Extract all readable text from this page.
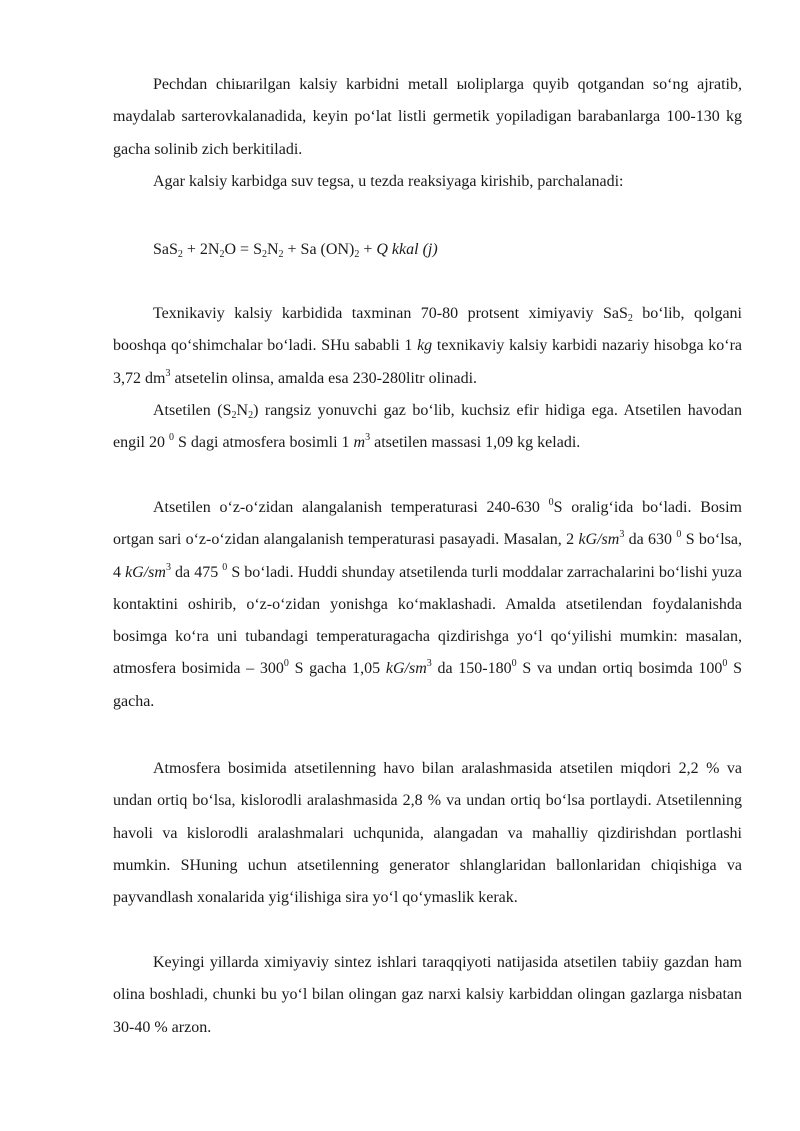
Pechdan chiыarilgan kalsiy karbidni metall ыoliplarga quyib qotgandan so‘ng ajratib, maydalab sarterovkalanadida, keyin po‘lat listli germetik yopiladigan barabanlarga 100-130 kg gacha solinib zich berkitiladi.

Agar kalsiy karbidga suv tegsa, u tezda reaksiyaga kirishib, parchalanadi:

$SaS_2 + 2N_2O = S_2N_2 + Sa$ $(ON)_2 + Q$ kkal (j)

Texnikaviy kalsiy karbidida taxminan 70-80 protsent ximiyaviy SaS$_2$ bo‘lib, qolgani booshqa qo‘shimchalar bo‘ladi. SHu sababli 1 kg texnikaviy kalsiy karbidi nazariy hisobga ko‘ra 3,72 $dm^3$ atsetelin olinsa, amalda esa 230-280litr olinadi.

Atsetilen $(S_2N_2)$ rangsiz yonuvchi gaz bo‘lib, kuchsiz efir hidiga ega. Atsetilen havodan engil 20 $^0$ S dagi atmosfera bosimli 1 $m^3$ atsetilen massasi 1,09 kg keladi.

Atsetilen o‘z-o‘zidan alangalanish temperaturasi 240-630 $^0$S oralig‘ida bo‘ladi. Bosim ortgan sari o‘z-o‘zidan alangalanish temperaturasi pasayadi. Masalan, 2 $kG/sm^3$ da 630 $^0$ S bo‘lsa, 4 $kG/sm^3$ da 475 $^0$ S bo‘ladi. Huddi shunday atsetilenda turli moddalar zarrachalarini bo‘lishi yuza kontaktini oshirib, o‘z-o‘zidan yonishga ko‘maklashadi. Amalda atsetilendan foydalanishda bosimga ko‘ra uni tubandagi temperaturagacha qizdirishga yo‘l qo‘yilishi mumkin: masalan, atmosfera bosimida – $300^0$ S gacha 1,05 $kG/sm^3$ da $150-180^0$ S va undan ortiq bosimda $100^0$ S gacha.

Atmosfera bosimida atsetilenning havo bilan aralashmasida atsetilen miqdori 2,2 % va undan ortiq bo‘lsa, kislorodli aralashmasida 2,8 % va undan ortiq bo‘lsa portlaydi. Atsetilenning havoli va kislorodli aralashmalari uchqunida, alangadan va mahalliy qizdirishdan portlashi mumkin. SHuning uchun atsetilenning generator shlanglaridan ballonlaridan chiqishiga va payvandlash xonalarida yig‘ilishiga sira yo‘l qo‘ymaslik kerak.

Keyingi yillarda ximiyaviy sintez ishlari taraqqiyoti natijasida atsetilen tabiiy gazdan ham olina boshladi, chunki bu yo‘l bilan olingan gaz narxi kalsiy karbiddan olingan gazlarga nisbatan 30-40 % arzon.
